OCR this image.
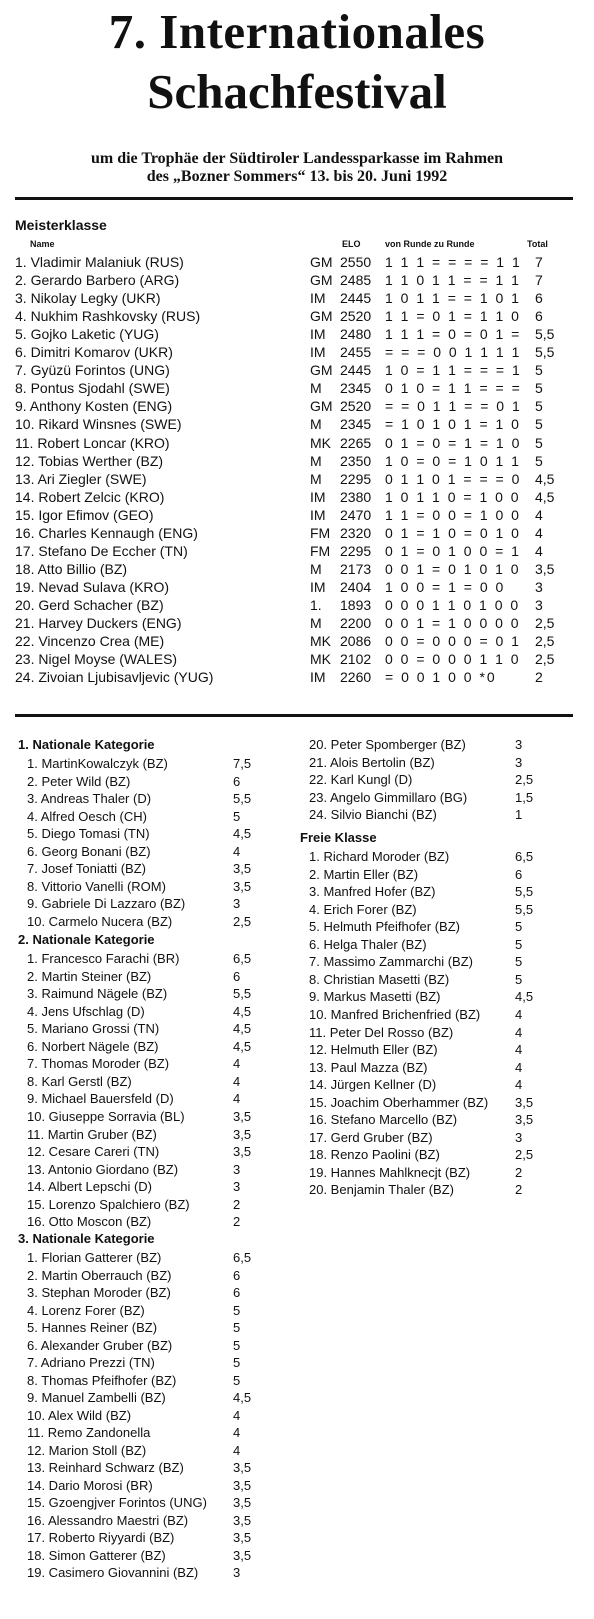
7. Internationales
Schachfestival
um die Trophäe der Südtiroler Landessparkasse im Rahmen
des „Bozner Sommers“ 13. bis 20. Juni 1992
Meisterklasse
Name	ELO	von Runde zu Runde	Total
1. Vladimir Malaniuk (RUS)	GM 2550 1 1 1 = = = = 1 1 7
2. Gerardo Barbero (ARG)	GM 2485 1 1 0 1 1 = = 1 1 7
3. Nikolay Legky (UKR)	IM 2445 1 0 1 1 = = 1 0 1 6
4. Nukhim Rashkovsky (RUS)	GM 2520 1 1 = 0 1 = 1 1 0 6
5. Gojko Laketic (YUG)	IM 2480 1 1 1 = 0 = 0 1 = 5,5
6. Dimitri Komarov (UKR)	IM 2455 = = = 0 0 1 1 1 1 5,5
7. Gyüzü Forintos (UNG)	GM 2445 1 0 = 1 1 = = = 1 5
8. Pontus Sjodahl (SWE)	M 2345 0 1 0 = 1 1 = = = 5
9. Anthony Kosten (ENG)	GM 2520 = = 0 1 1 = = 0 1 5
10. Rikard Winsnes (SWE)	M 2345 = 1 0 1 0 1 = 1 0 5
11. Robert Loncar (KRO)	MK 2265 0 1 = 0 = 1 = 1 0 5
12. Tobias Werther (BZ)	M 2350 1 0 = 0 = 1 0 1 1 5
13. Ari Ziegler (SWE)	M 2295 0 1 1 0 1 = = = 0 4,5
14. Robert Zelcic (KRO)	IM 2380 1 0 1 1 0 = 1 0 0 4,5
15. Igor Efimov (GEO)	IM 2470 1 1 = 0 0 = 1 0 0 4
16. Charles Kennaugh (ENG)	FM 2320 0 1 = 1 0 = 0 1 0 4
17. Stefano De Eccher (TN)	FM 2295 0 1 = 0 1 0 0 = 1 4
18. Atto Billio (BZ)	M 2173 0 0 1 = 0 1 0 1 0 3,5
19. Nevad Sulava (KRO)	IM 2404 1 0 0 = 1 = 0 0 3
20. Gerd Schacher (BZ)	1. 1893 0 0 0 1 1 0 1 0 0 3
21. Harvey Duckers (ENG)	M 2200 0 0 1 = 1 0 0 0 0 2,5
22. Vincenzo Crea (ME)	MK 2086 0 0 = 0 0 0 = 0 1 2,5
23. Nigel Moyse (WALES)	MK 2102 0 0 = 0 0 0 1 1 0 2,5
24. Zivoian Ljubisavljevic (YUG)	IM 2260 = 0 0 1 0 0 *0	2
1. Nationale Kategorie
1. MartinKowalczyk (BZ)	7,5
2. Peter Wild (BZ)	6
3. Andreas Thaler (D)	5,5
4. Alfred Oesch (CH)	5
5. Diego Tomasi (TN)	4,5
6. Georg Bonani (BZ)	4
7. Josef Toniatti (BZ)	3,5
8. Vittorio Vanelli (ROM)	3,5
9. Gabriele Di Lazzaro (BZ)	3
10. Carmelo Nucera (BZ)	2,5
2. Nationale Kategorie
1. Francesco Farachi (BR)	6,5
2. Martin Steiner (BZ)	6
3. Raimund Nägele (BZ)	5,5
4. Jens Ufschlag (D)	4,5
5. Mariano Grossi (TN)	4,5
6. Norbert Nägele (BZ)	4,5
7. Thomas Moroder (BZ)	4
8. Karl Gerstl (BZ)	4
9. Michael Bauersfeld (D)	4
10. Giuseppe Sorravia (BL)	3,5
11. Martin Gruber (BZ)	3,5
12. Cesare Careri (TN)	3,5
13. Antonio Giordano (BZ)	3
14. Albert Lepschi (D)	3
15. Lorenzo Spalchiero (BZ)	2
16. Otto Moscon (BZ)	2
3. Nationale Kategorie
1. Florian Gatterer (BZ)	6,5
2. Martin Oberrauch (BZ)	6
3. Stephan Moroder (BZ)	6
4. Lorenz Forer (BZ)	5
5. Hannes Reiner (BZ)	5
6. Alexander Gruber (BZ)	5
7. Adriano Prezzi (TN)	5
8. Thomas Pfeifhofer (BZ)	5
9. Manuel Zambelli (BZ)	4,5
10. Alex Wild (BZ)	4
11. Remo Zandonella	4
12. Marion Stoll (BZ)	4
13. Reinhard Schwarz (BZ)	3,5
14. Dario Morosi (BR)	3,5
15. Gzoengjver Forintos (UNG) 3,5
16. Alessandro Maestri (BZ)	3,5
17. Roberto Riyyardi (BZ)	3,5
18. Simon Gatterer (BZ)	3,5
19. Casimero Giovannini (BZ)	3
20. Peter Spomberger (BZ)	3
21. Alois Bertolin (BZ)	3
22. Karl Kungl (D)	2,5
23. Angelo Gimmillaro (BG)	1,5
24. Silvio Bianchi (BZ)	1
Freie Klasse
1. Richard Moroder (BZ)	6,5
2. Martin Eller (BZ)	6
3. Manfred Hofer (BZ)	5,5
4. Erich Forer (BZ)	5,5
5. Helmuth Pfeifhofer (BZ)	5
6. Helga Thaler (BZ)	5
7. Massimo Zammarchi (BZ)	5
8. Christian Masetti (BZ)	5
9. Markus Masetti (BZ)	4,5
10. Manfred Brichenfried (BZ)	4
11. Peter Del Rosso (BZ)	4
12. Helmuth Eller (BZ)	4
13. Paul Mazza (BZ)	4
14. Jürgen Kellner (D)	4
15. Joachim Oberhammer (BZ) 3,5
16. Stefano Marcello (BZ)	3,5
17. Gerd Gruber (BZ)	3
18. Renzo Paolini (BZ)	2,5
19. Hannes Mahlknecjt (BZ)	2
20. Benjamin Thaler (BZ)	2
